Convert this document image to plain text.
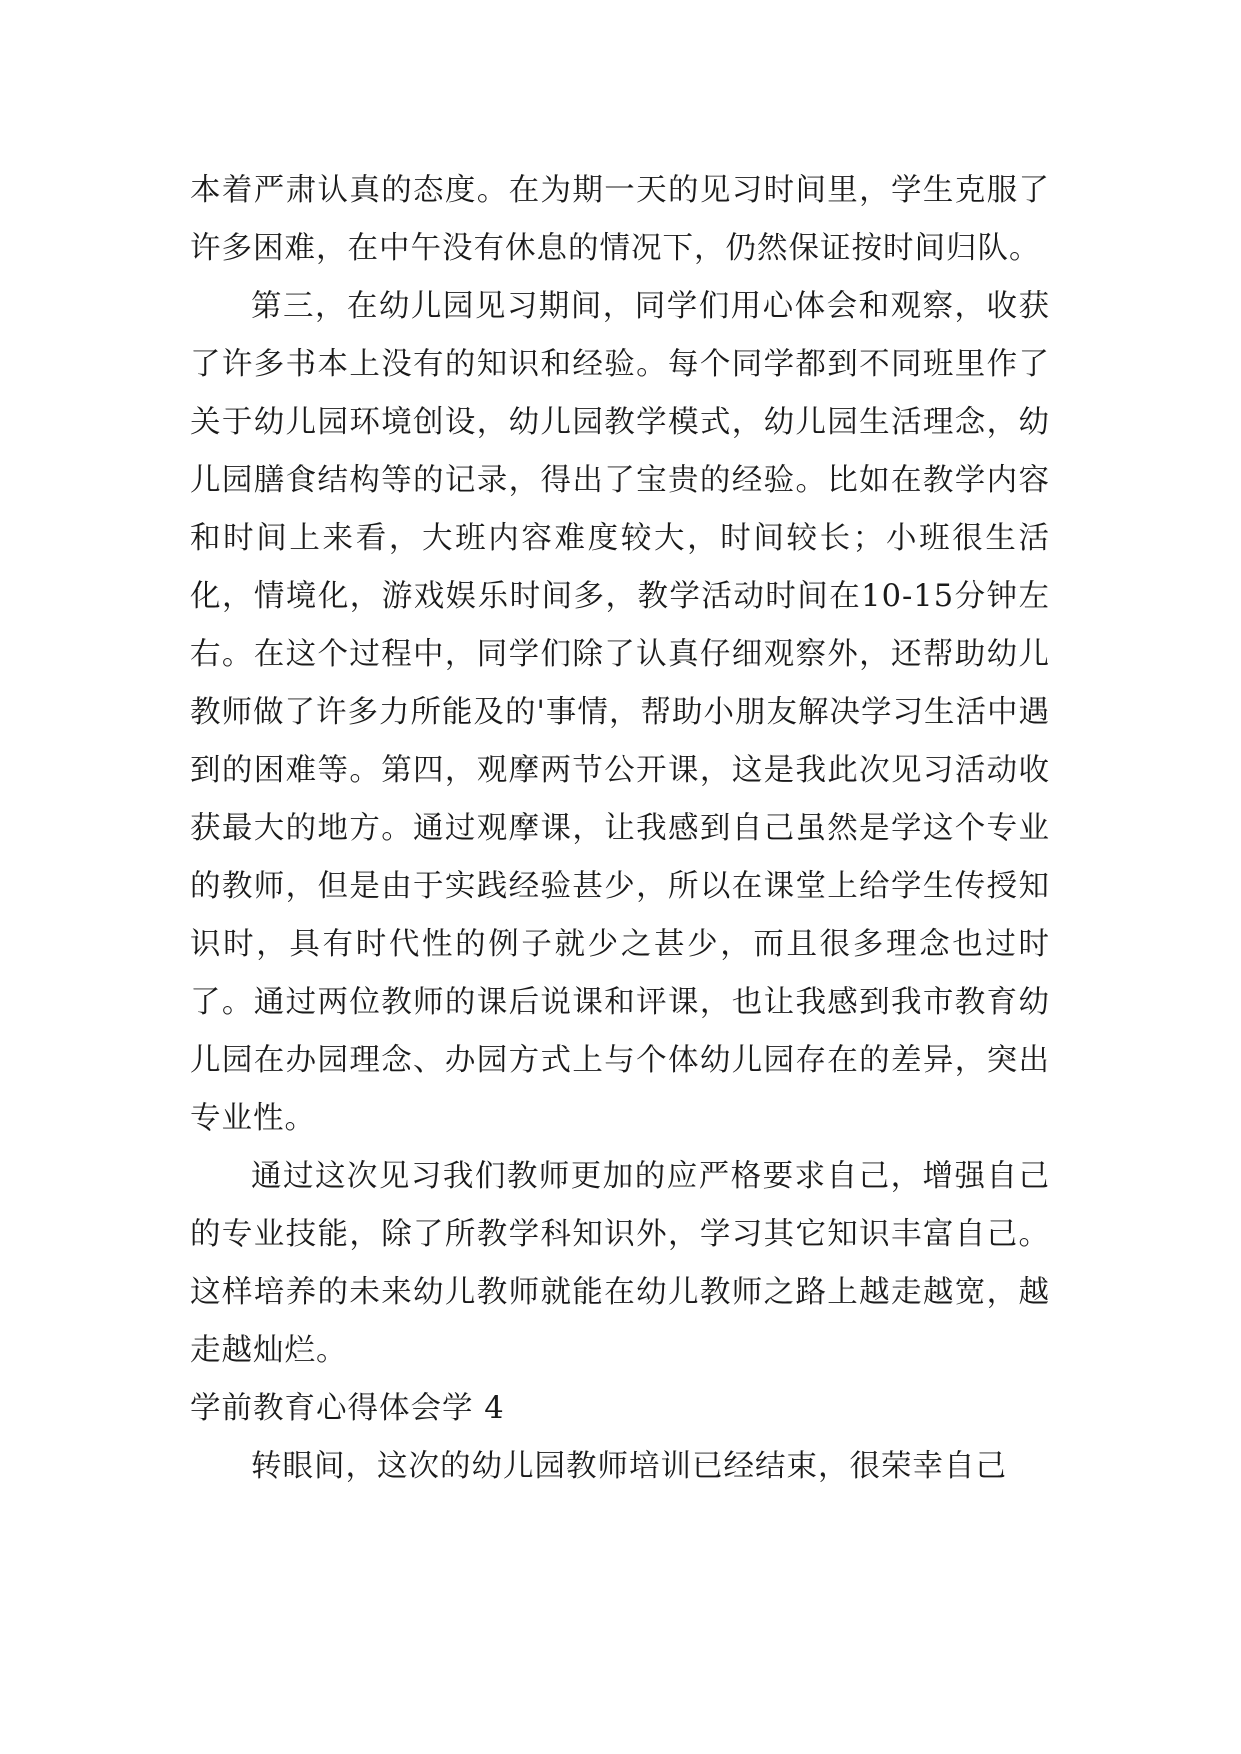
本着严肃认真的态度。在为期一天的见习时间里，学生克服了许多困难，在中午没有休息的情况下，仍然保证按时间归队。

第三，在幼儿园见习期间，同学们用心体会和观察，收获了许多书本上没有的知识和经验。每个同学都到不同班里作了关于幼儿园环境创设，幼儿园教学模式，幼儿园生活理念，幼儿园膳食结构等的记录，得出了宝贵的经验。比如在教学内容和时间上来看，大班内容难度较大，时间较长；小班很生活化，情境化，游戏娱乐时间多，教学活动时间在10-15分钟左右。在这个过程中，同学们除了认真仔细观察外，还帮助幼儿教师做了许多力所能及的'事情，帮助小朋友解决学习生活中遇到的困难等。第四，观摩两节公开课，这是我此次见习活动收获最大的地方。通过观摩课，让我感到自己虽然是学这个专业的教师，但是由于实践经验甚少，所以在课堂上给学生传授知识时，具有时代性的例子就少之甚少，而且很多理念也过时了。通过两位教师的课后说课和评课，也让我感到我市教育幼儿园在办园理念、办园方式上与个体幼儿园存在的差异，突出专业性。

通过这次见习我们教师更加的应严格要求自己，增强自己的专业技能，除了所教学科知识外，学习其它知识丰富自己。这样培养的未来幼儿教师就能在幼儿教师之路上越走越宽，越走越灿烂。

学前教育心得体会学 4

转眼间，这次的幼儿园教师培训已经结束，很荣幸自己
